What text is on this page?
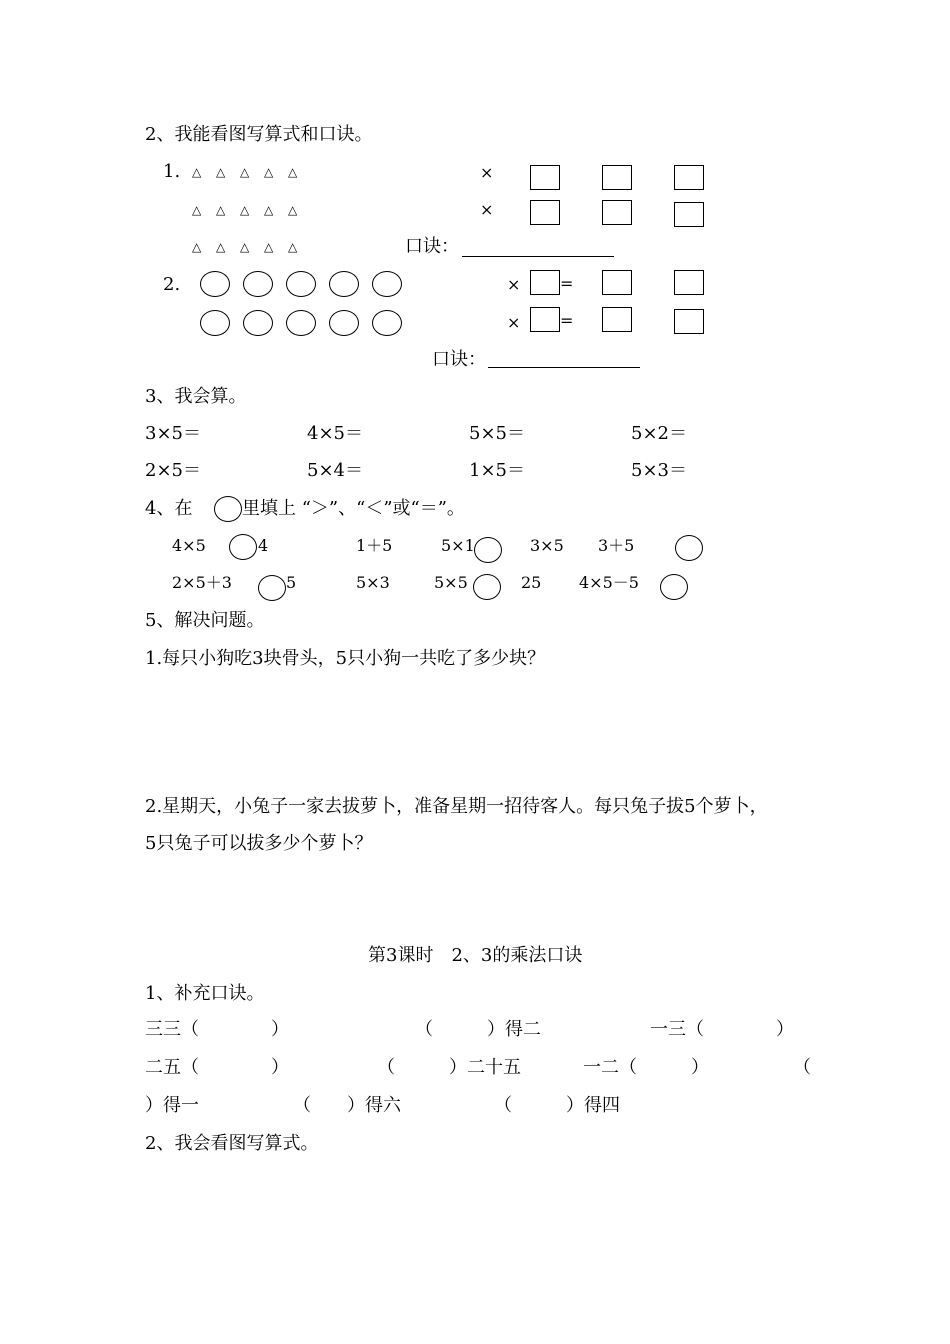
2、我能看图写算式和口诀。
1. △ △ △ △ △
△ △ △ △ △
△ △ △ △ △
×
×
口诀：
2.	× =
× =
口诀：
3、我会算。
3×5＝	4×5＝	5×5＝	5×2＝
2×5＝	5×4＝	1×5＝	5×3＝
4、在	里填上 “＞”、“＜”或“＝”。
4×5	4	1＋5	5×1	3×5 3＋5
2×5＋3	5	5×3	5×5	25 4×5－5
5、解决问题。
1.每只小狗吃3块骨头，5只小狗一共吃了多少块？
2.星期天，小兔子一家去拔萝卜，准备星期一招待客人。每只兔子拔5个萝卜，
5只兔子可以拔多少个萝卜？
第3课时　2、3的乘法口诀
1、补充口诀。
三三（　　　　）	（　　　）得二	一三（　　　　）
二五（　　　　）	（　　　）二十五	一二（　　　）	（
）得一	（　　）得六	（　　　）得四
2、我会看图写算式。
